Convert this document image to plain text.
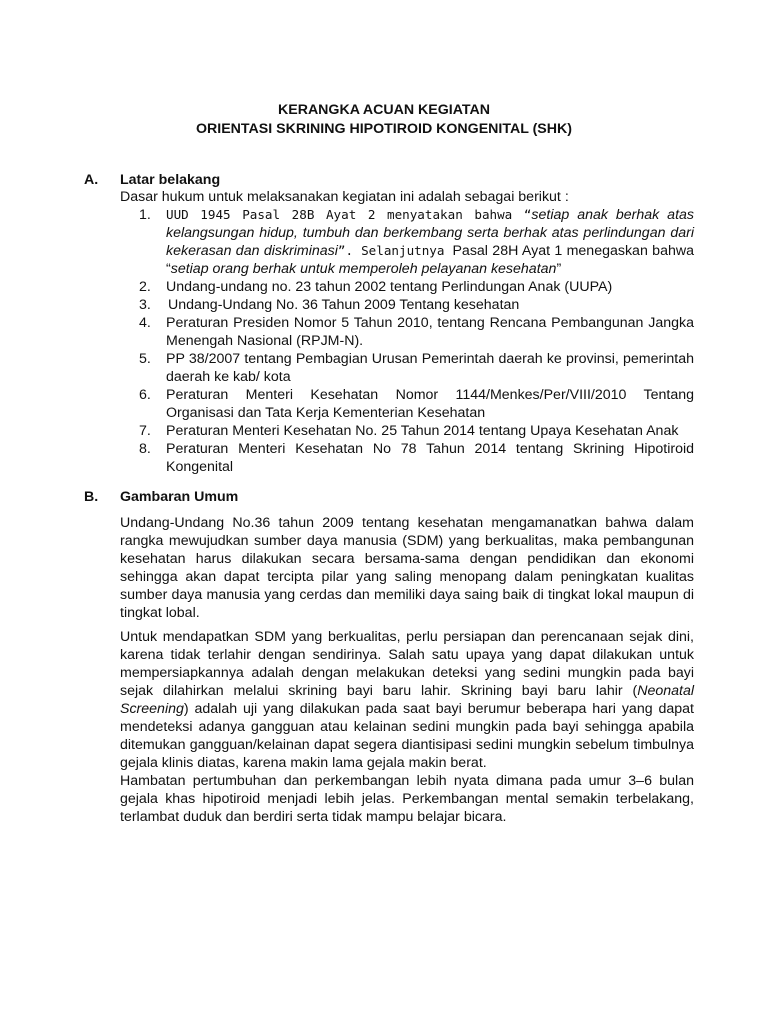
KERANGKA ACUAN KEGIATAN
ORIENTASI SKRINING HIPOTIROID KONGENITAL (SHK)
A. Latar belakang
Dasar hukum untuk melaksanakan kegiatan ini adalah sebagai berikut :
1. UUD 1945 Pasal 28B Ayat 2 menyatakan bahwa “setiap anak berhak atas kelangsungan hidup, tumbuh dan berkembang serta berhak atas perlindungan dari kekerasan dan diskriminasi”. Selanjutnya Pasal 28H Ayat 1 menegaskan bahwa “setiap orang berhak untuk memperoleh pelayanan kesehatan”
2. Undang-undang no. 23 tahun 2002 tentang Perlindungan Anak (UUPA)
3. Undang-Undang No. 36 Tahun 2009 Tentang kesehatan
4. Peraturan Presiden Nomor 5 Tahun 2010, tentang Rencana Pembangunan Jangka Menengah Nasional (RPJM-N).
5. PP 38/2007 tentang Pembagian Urusan Pemerintah daerah ke provinsi, pemerintah daerah ke kab/ kota
6. Peraturan Menteri Kesehatan Nomor 1144/Menkes/Per/VIII/2010 Tentang Organisasi dan Tata Kerja Kementerian Kesehatan
7. Peraturan Menteri Kesehatan No. 25 Tahun 2014 tentang Upaya Kesehatan Anak
8. Peraturan Menteri Kesehatan No 78 Tahun 2014 tentang Skrining Hipotiroid Kongenital
B. Gambaran Umum
Undang-Undang No.36 tahun 2009 tentang kesehatan mengamanatkan bahwa dalam rangka mewujudkan sumber daya manusia (SDM) yang berkualitas, maka pembangunan kesehatan harus dilakukan secara bersama-sama dengan pendidikan dan ekonomi sehingga akan dapat tercipta pilar yang saling menopang dalam peningkatan kualitas sumber daya manusia yang cerdas dan memiliki daya saing baik di tingkat lokal maupun di tingkat lobal.
Untuk mendapatkan SDM yang berkualitas, perlu persiapan dan perencanaan sejak dini, karena tidak terlahir dengan sendirinya. Salah satu upaya yang dapat dilakukan untuk mempersiapkannya adalah dengan melakukan deteksi yang sedini mungkin pada bayi sejak dilahirkan melalui skrining bayi baru lahir. Skrining bayi baru lahir (Neonatal Screening) adalah uji yang dilakukan pada saat bayi berumur beberapa hari yang dapat mendeteksi adanya gangguan atau kelainan sedini mungkin pada bayi sehingga apabila ditemukan gangguan/kelainan dapat segera diantisipasi sedini mungkin sebelum timbulnya gejala klinis diatas, karena makin lama gejala makin berat.
Hambatan pertumbuhan dan perkembangan lebih nyata dimana pada umur 3–6 bulan gejala khas hipotiroid menjadi lebih jelas. Perkembangan mental semakin terbelakang, terlambat duduk dan berdiri serta tidak mampu belajar bicara.
